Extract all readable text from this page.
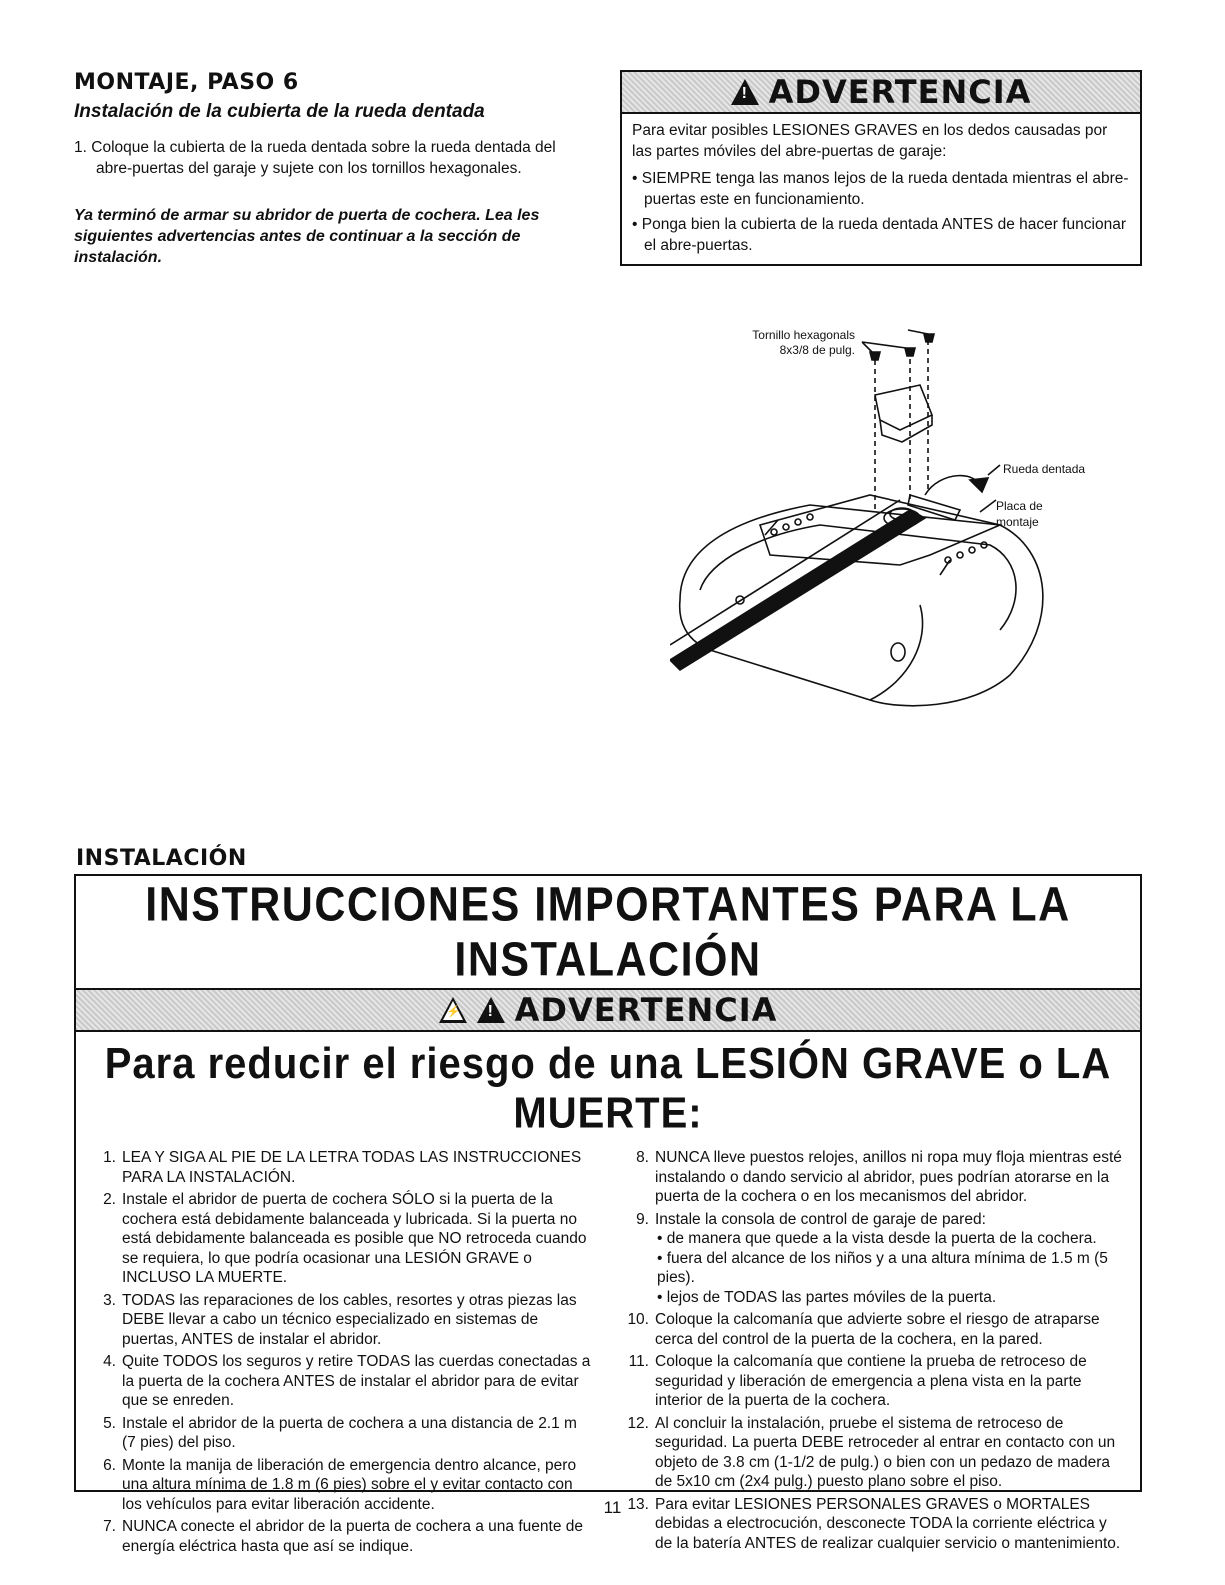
MONTAJE, PASO 6
Instalación de la cubierta de la rueda dentada
1. Coloque la cubierta de la rueda dentada sobre la rueda dentada del abre-puertas del garaje y sujete con los tornillos hexagonales.
Ya terminó de armar su abridor de puerta de cochera. Lea les siguientes advertencias antes de continuar a la sección de instalación.
!
ADVERTENCIA
Para evitar posibles LESIONES GRAVES en los dedos causadas por las partes móviles del abre-puertas de garaje:
• SIEMPRE tenga las manos lejos de la rueda dentada mientras el abre-puertas este en funcionamiento.
• Ponga bien la cubierta de la rueda dentada ANTES de hacer funcionar el abre-puertas.
Tornillo hexagonals
8x3/8 de pulg.
Rueda dentada
Placa de
montaje
INSTALACIÓN
INSTRUCCIONES IMPORTANTES PARA LA INSTALACIÓN
⚡
!
ADVERTENCIA
Para reducir el riesgo de una LESIÓN GRAVE o LA MUERTE:
1. LEA Y SIGA AL PIE DE LA LETRA TODAS LAS INSTRUCCIONES PARA LA INSTALACIÓN.
2. Instale el abridor de puerta de cochera SÓLO si la puerta de la cochera está debidamente balanceada y lubricada. Si la puerta no está debidamente balanceada es posible que NO retroceda cuando se requiera, lo que podría ocasionar una LESIÓN GRAVE o INCLUSO LA MUERTE.
3. TODAS las reparaciones de los cables, resortes y otras piezas las DEBE llevar a cabo un técnico especializado en sistemas de puertas, ANTES de instalar el abridor.
4. Quite TODOS los seguros y retire TODAS las cuerdas conectadas a la puerta de la cochera ANTES de instalar el abridor para de evitar que se enreden.
5. Instale el abridor de la puerta de cochera a una distancia de 2.1 m (7 pies) del piso.
6. Monte la manija de liberación de emergencia dentro alcance, pero una altura mínima de 1.8 m (6 pies) sobre el y evitar contacto con los vehículos para evitar liberación accidente.
7. NUNCA conecte el abridor de la puerta de cochera a una fuente de energía eléctrica hasta que así se indique.
8. NUNCA lleve puestos relojes, anillos ni ropa muy floja mientras esté instalando o dando servicio al abridor, pues podrían atorarse en la puerta de la cochera o en los mecanismos del abridor.
9. Instale la consola de control de garaje de pared:
• de manera que quede a la vista desde la puerta de la cochera.
• fuera del alcance de los niños y a una altura mínima de 1.5 m (5 pies).
• lejos de TODAS las partes móviles de la puerta.
10. Coloque la calcomanía que advierte sobre el riesgo de atraparse cerca del control de la puerta de la cochera, en la pared.
11. Coloque la calcomanía que contiene la prueba de retroceso de seguridad y liberación de emergencia a plena vista en la parte interior de la puerta de la cochera.
12. Al concluir la instalación, pruebe el sistema de retroceso de seguridad. La puerta DEBE retroceder al entrar en contacto con un objeto de 3.8 cm (1-1/2 de pulg.) o bien con un pedazo de madera de 5x10 cm (2x4 pulg.) puesto plano sobre el piso.
13. Para evitar LESIONES PERSONALES GRAVES o MORTALES debidas a electrocución, desconecte TODA la corriente eléctrica y de la batería ANTES de realizar cualquier servicio o mantenimiento.
11
